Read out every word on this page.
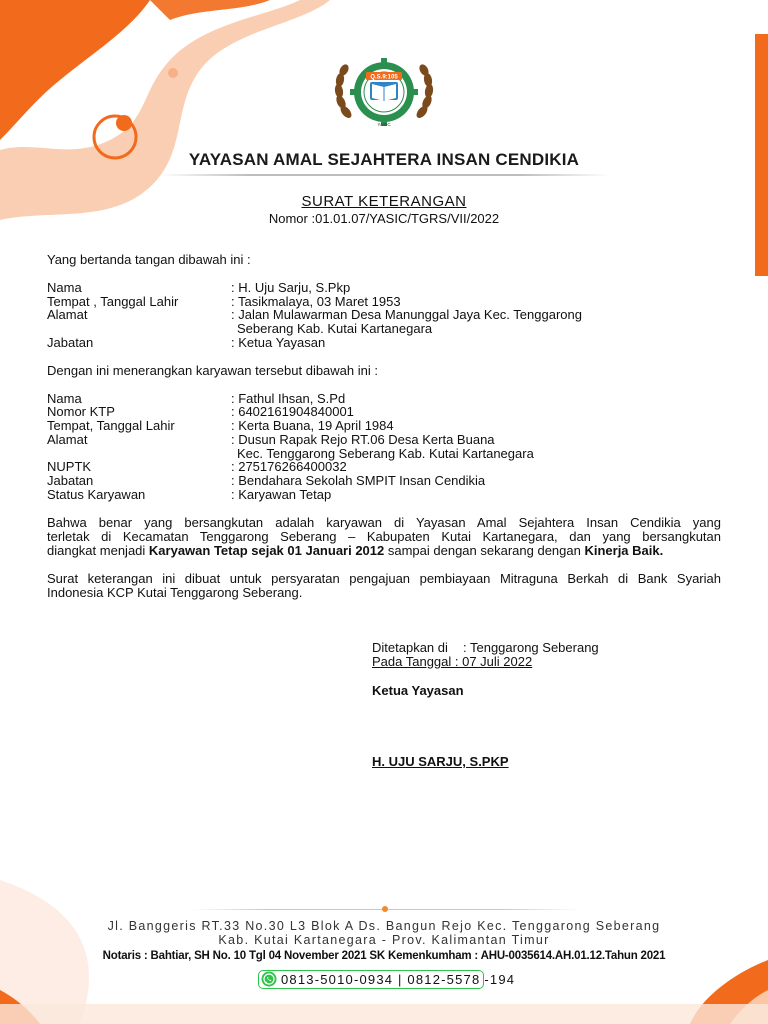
Q.S.9:105
YASIC
YAYASAN AMAL SEJAHTERA INSAN CENDIKIA
SURAT KETERANGAN
Nomor :01.01.07/YASIC/TGRS/VII/2022
Yang bertanda tangan dibawah ini :
Nama	: H. Uju Sarju, S.Pkp
Tempat , Tanggal Lahir	: Tasikmalaya, 03 Maret 1953
Alamat	: Jalan Mulawarman Desa Manunggal Jaya Kec. Tenggarong
Seberang Kab. Kutai Kartanegara
Jabatan	: Ketua Yayasan
Dengan ini menerangkan karyawan tersebut dibawah ini :
Nama	: Fathul Ihsan, S.Pd
Nomor KTP	: 6402161904840001
Tempat, Tanggal Lahir	: Kerta Buana, 19 April 1984
Alamat	: Dusun Rapak Rejo RT.06 Desa Kerta Buana
Kec. Tenggarong Seberang Kab. Kutai Kartanegara
NUPTK	: 275176266400032
Jabatan	: Bendahara Sekolah SMPIT Insan Cendikia
Status Karyawan	: Karyawan Tetap
Bahwa benar yang bersangkutan adalah karyawan di Yayasan Amal Sejahtera Insan Cendikia yang
terletak di Kecamatan Tenggarong Seberang – Kabupaten Kutai Kartanegara, dan yang bersangkutan
diangkat menjadi Karyawan Tetap sejak 01 Januari 2012 sampai dengan sekarang dengan Kinerja Baik.
Surat keterangan ini dibuat untuk persyaratan pengajuan pembiayaan Mitraguna Berkah di Bank Syariah
Indonesia KCP Kutai Tenggarong Seberang.
Ditetapkan di : Tenggarong Seberang
Pada Tanggal : 07 Juli 2022
Ketua Yayasan
H. UJU SARJU, S.PKP
Jl. Banggeris RT.33 No.30 L3 Blok A Ds. Bangun Rejo Kec. Tenggarong Seberang
Kab. Kutai Kartanegara - Prov. Kalimantan Timur
Notaris : Bahtiar, SH No. 10 Tgl 04 November 2021 SK Kemenkumham : AHU-0035614.AH.01.12.Tahun 2021
0813-5010-0934 | 0812-5578 -194
